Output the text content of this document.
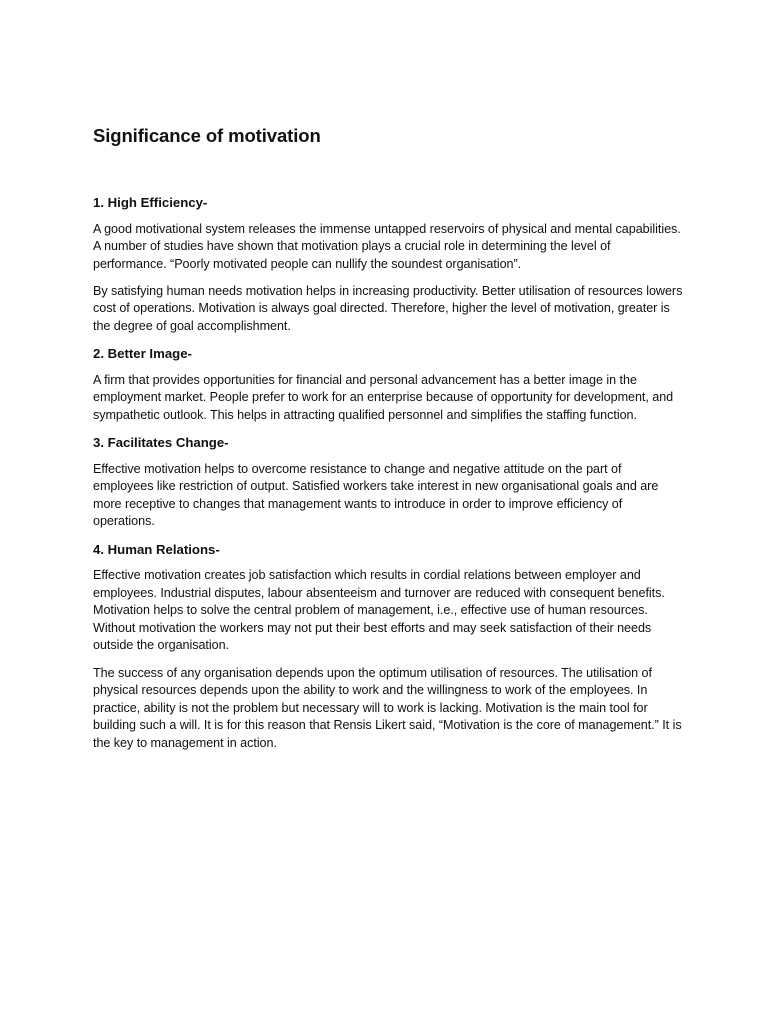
Significance of motivation
1. High Efficiency-

A good motivational system releases the immense untapped reservoirs of physical and mental capabilities. A number of studies have shown that motivation plays a crucial role in determining the level of performance. “Poorly motivated people can nullify the soundest organisation”.

By satisfying human needs motivation helps in increasing productivity. Better utilisation of resources lowers cost of operations. Motivation is always goal directed. Therefore, higher the level of motivation, greater is the degree of goal accomplishment.

2. Better Image-

A firm that provides opportunities for financial and personal advancement has a better image in the employment market. People prefer to work for an enterprise because of opportunity for development, and sympathetic outlook. This helps in attracting qualified personnel and simplifies the staffing function.

3. Facilitates Change-

Effective motivation helps to overcome resistance to change and negative attitude on the part of employees like restriction of output. Satisfied workers take interest in new organisational goals and are more receptive to changes that management wants to introduce in order to improve efficiency of operations.

4. Human Relations-

Effective motivation creates job satisfaction which results in cordial relations between employer and employees. Industrial disputes, labour absenteeism and turnover are reduced with consequent benefits. Motivation helps to solve the central problem of management, i.e., effective use of human resources. Without motivation the workers may not put their best efforts and may seek satisfaction of their needs outside the organisation.

The success of any organisation depends upon the optimum utilisation of resources. The utilisation of physical resources depends upon the ability to work and the willingness to work of the employees. In practice, ability is not the problem but necessary will to work is lacking. Motivation is the main tool for building such a will. It is for this reason that Rensis Likert said, “Motivation is the core of management.” It is the key to management in action.
